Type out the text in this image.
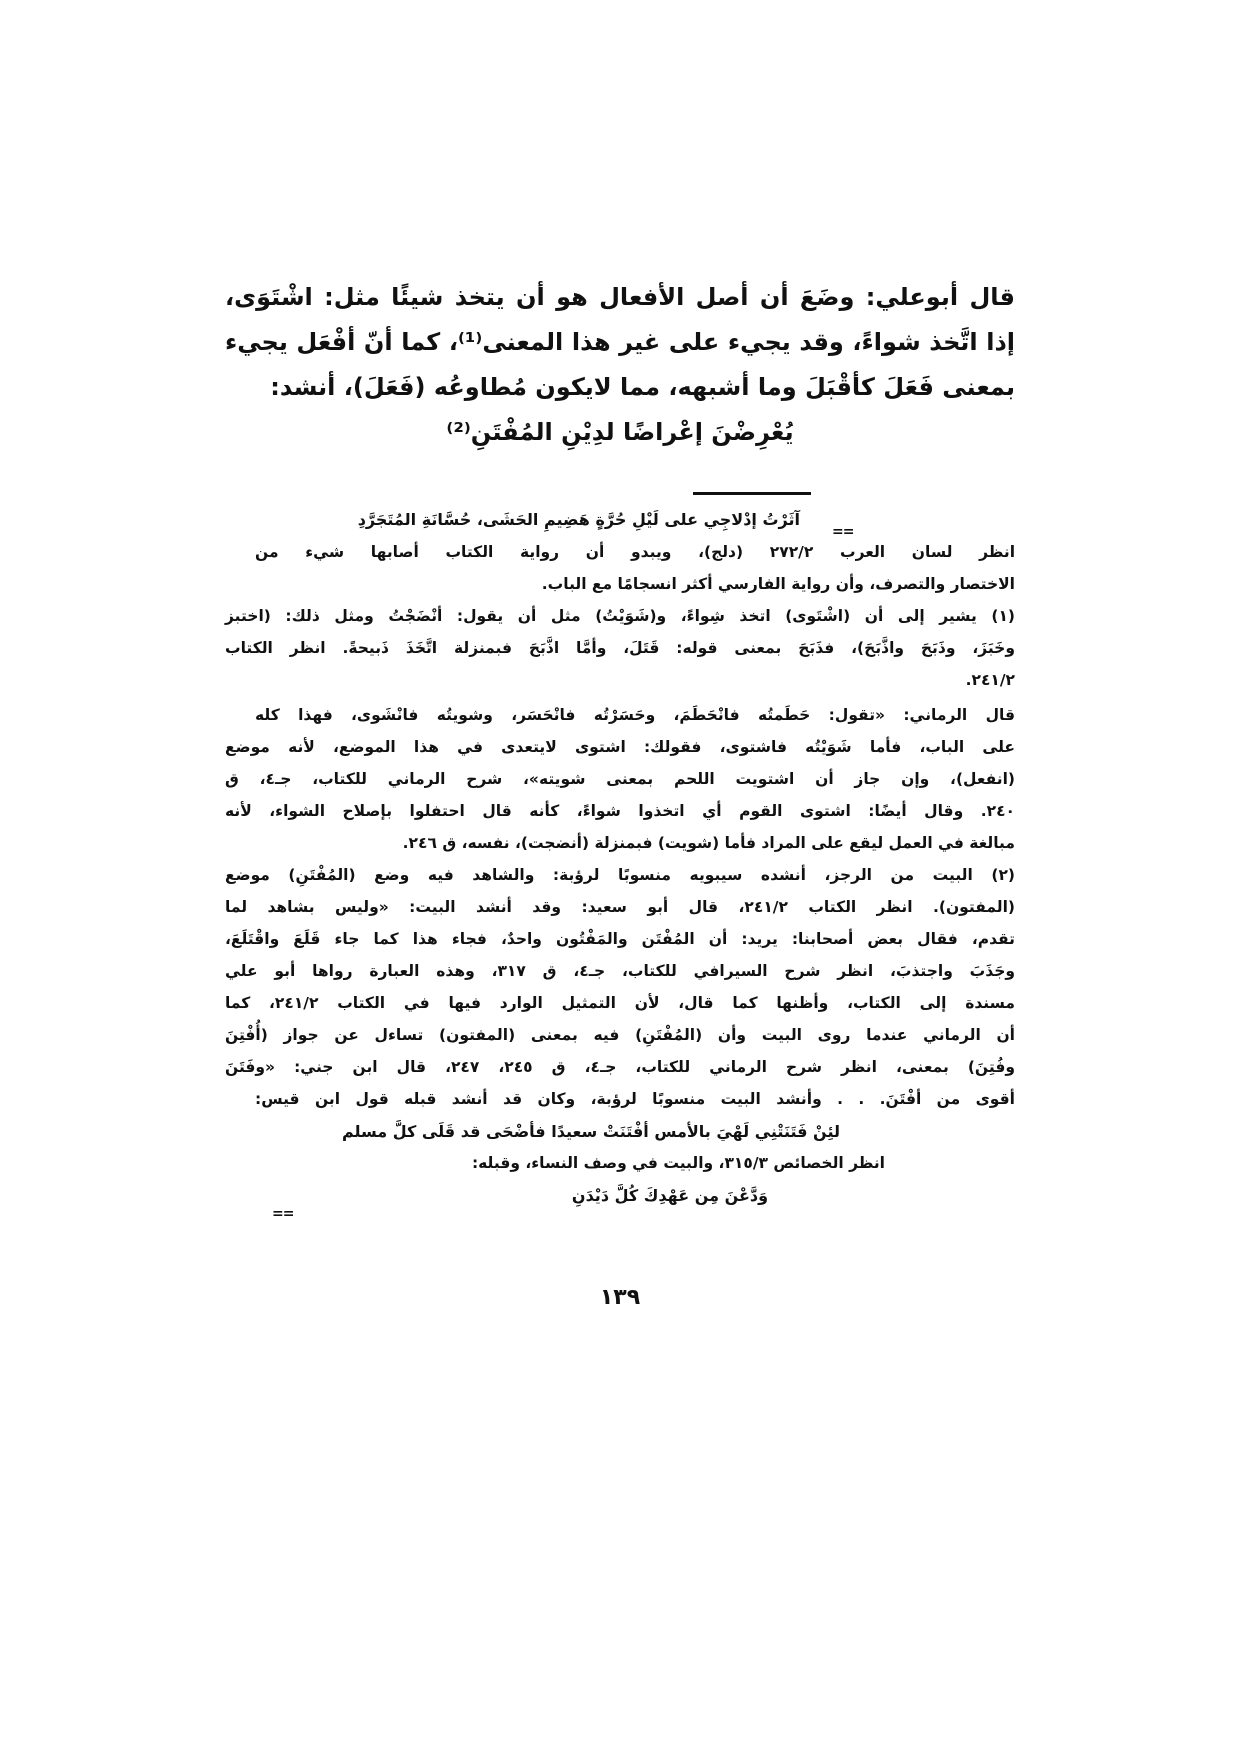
==
==
١٣٩
قال أبوعلي: وضَعَ أن أصل الأفعال هو أن يتخذ شيئًا مثل: اشْتَوَى،
إذا اتَّخذ شواءً، وقد يجيء على غير هذا المعنى⁽¹⁾، كما أنّ أفْعَل يجيء
بمعنى فَعَلَ كأقْبَلَ وما أشبهه، مما لايكون مُطاوعُه (فَعَلَ)، أنشد:
يُعْرِضْنَ إعْراضًا لدِيْنِ المُفْتَنِ⁽²⁾
آثَرْتُ إدْلاجِي على لَيْلِ حُرَّةٍ هَضِيمِ الحَشَى، حُسَّانَةِ المُتَجَرَّدِ
انظر لسان العرب ٢٧٢/٢ (دلج)، ويبدو أن رواية الكتاب أصابها شيء من
الاختصار والتصرف، وأن رواية الفارسي أكثر انسجامًا مع الباب.
(١) يشير إلى أن (اشْتَوى) اتخذ شِواءً، و(شَوَيْتُ) مثل أن يقول: أنْضَجْتُ ومثل ذلك: (اختبز
وخَبَزَ، وذَبَحَ واذَّبَحَ)، فذَبَحَ بمعنى قوله: قَتَلَ، وأمَّا اذَّبَحَ فبمنزلة اتَّخَذَ ذَبيحةً. انظر الكتاب
٢٤١/٢.
قال الرماني: «تقول: حَطَمتُه فانْحَطَمَ، وحَسَرْتُه فانْحَسَر، وشويتُه فانْشَوى، فهذا كله
على الباب، فأما شَوَيْتُه فاشتوى، فقولك: اشتوى لايتعدى في هذا الموضع، لأنه موضع
(انفعل)، وإن جاز أن اشتويت اللحم بمعنى شويته»، شرح الرماني للكتاب، جـ٤، ق
٢٤٠. وقال أيضًا: اشتوى القوم أي اتخذوا شواءً، كأنه قال احتفلوا بإصلاح الشواء، لأنه
مبالغة في العمل ليقع على المراد فأما (شويت) فبمنزلة (أنضجت)، نفسه، ق ٢٤٦.
(٢) البيت من الرجز، أنشده سيبويه منسوبًا لرؤبة: والشاهد فيه وضع (المُفْتَنِ) موضع
(المفتون). انظر الكتاب ٢٤١/٢، قال أبو سعيد: وقد أنشد البيت: «وليس بشاهد لما
تقدم، فقال بعض أصحابنا: يريد: أن المُفْتَن والمَفْتُون واحدٌ، فجاء هذا كما جاء قَلَعَ واقْتَلَعَ،
وجَذَبَ واجتذبَ، انظر شرح السيرافي للكتاب، جـ٤، ق ٣١٧، وهذه العبارة رواها أبو علي
مسندة إلى الكتاب، وأظنها كما قال، لأن التمثيل الوارد فيها في الكتاب ٢٤١/٢، كما
أن الرماني عندما روى البيت وأن (المُفْتَنِ) فيه بمعنى (المفتون) تساءل عن جواز (أُفْتِنَ
وفُتِنَ) بمعنى، انظر شرح الرماني للكتاب، جـ٤، ق ٢٤٥، ٢٤٧، قال ابن جني: «وفَتَنَ
أقوى من أفْتَنَ. . . وأنشد البيت منسوبًا لرؤبة، وكان قد أنشد قبله قول ابن قيس:
لئِنْ فَتَنَتْنِي لَهْيَ بالأمس أفْتَنَتْ سعيدًا فأضْحَى قد قَلَى كلَّ مسلم
انظر الخصائص ٣١٥/٣، والبيت في وصف النساء، وقبله:
وَدَّعْنَ مِن عَهْدِكَ كُلَّ دَيْدَنِ
